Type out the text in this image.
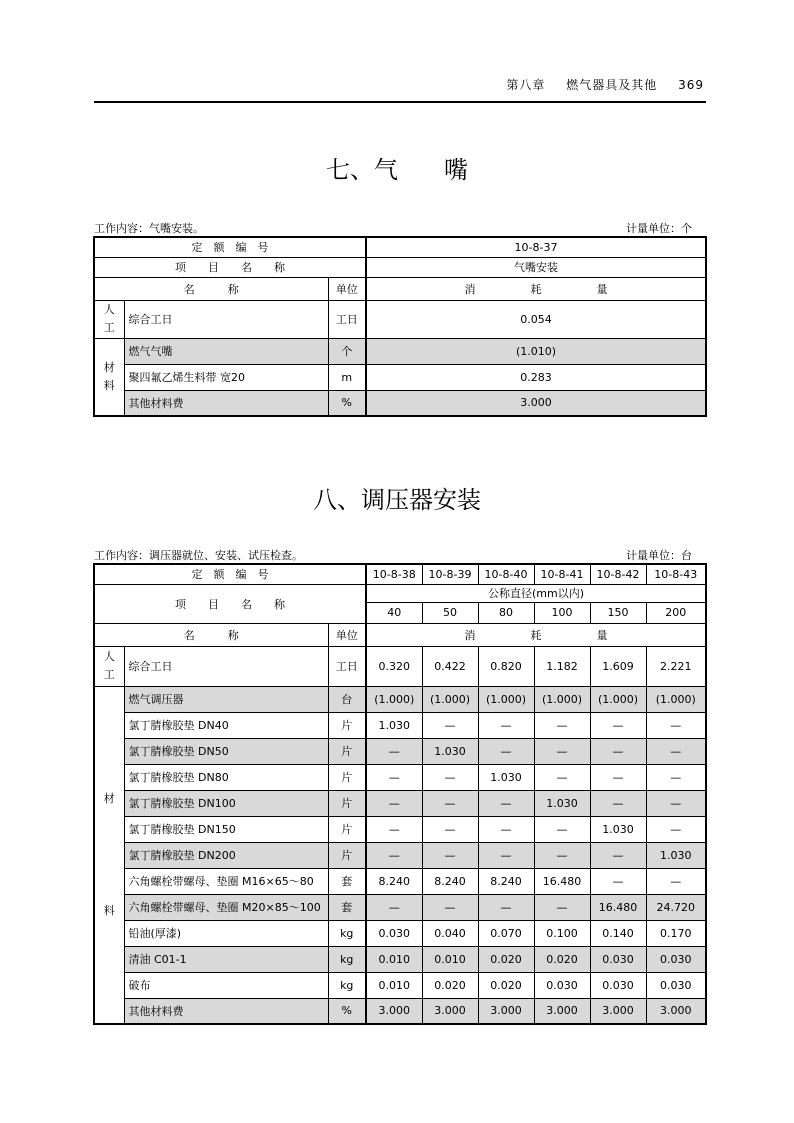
第八章 燃气器具及其他 369
七、气 嘴
工作内容：气嘴安装。	计量单位：个
定　额　编　号			10-8-37
项　　目　　名　　称			气嘴安装
名　　　称		单位	消　　　　　耗　　　　　量
人工	综合工日	工日	0.054
材料	燃气气嘴	个	(1.010)
	聚四氟乙烯生料带 宽20	m	0.283
	其他材料费	%	3.000
八、调压器安装
工作内容：调压器就位、安装、试压检查。	计量单位：台
定　额　编　号			10-8-38	10-8-39	10-8-40	10-8-41	10-8-42	10-8-43
项　　目　　名　　称			公称直径(mm以内)					
			40	50	80	100	150	200
名　　　称		单位	消　　　　　耗　　　　　量					
人工	综合工日	工日	0.320	0.422	0.820	1.182	1.609	2.221

材
料	燃气调压器	台	(1.000)	(1.000)	(1.000)	(1.000)	(1.000)	(1.000)
	氯丁腈橡胶垫 DN40	片	1.030	—	—	—	—	—
	氯丁腈橡胶垫 DN50	片	—	1.030	—	—	—	—
	氯丁腈橡胶垫 DN80	片	—	—	1.030	—	—	—
	氯丁腈橡胶垫 DN100	片	—	—	—	1.030	—	—
	氯丁腈橡胶垫 DN150	片	—	—	—	—	1.030	—
	氯丁腈橡胶垫 DN200	片	—	—	—	—	—	1.030
	六角螺栓带螺母、垫圈 M16×65～80	套	8.240	8.240	8.240	16.480	—	—
	六角螺栓带螺母、垫圈 M20×85～100	套	—	—	—	—	16.480	24.720
	铅油(厚漆)	kg	0.030	0.040	0.070	0.100	0.140	0.170
	清油 C01-1	kg	0.010	0.010	0.020	0.020	0.030	0.030
	破布	kg	0.010	0.020	0.020	0.030	0.030	0.030
	其他材料费	%	3.000	3.000	3.000	3.000	3.000	3.000
